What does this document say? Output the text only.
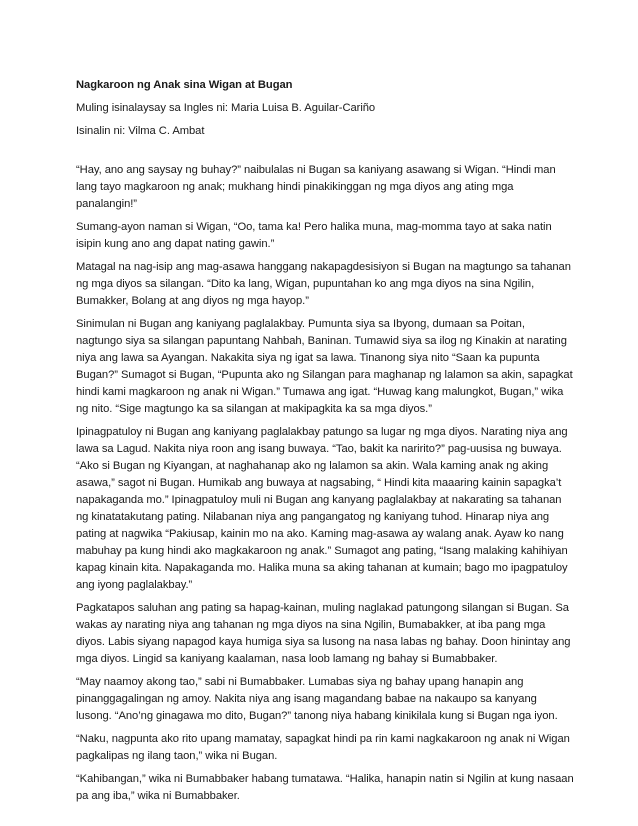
Nagkaroon ng Anak sina Wigan at Bugan

Muling isinalaysay sa Ingles ni: Maria Luisa B. Aguilar-Cariño

Isinalin ni: Vilma C. Ambat

“Hay, ano ang saysay ng buhay?” naibulalas ni Bugan sa kaniyang asawang si Wigan. “Hindi man lang tayo magkaroon ng anak; mukhang hindi pinakikinggan ng mga diyos ang ating mga panalangin!”

Sumang-ayon naman si Wigan, “Oo, tama ka! Pero halika muna, mag-momma tayo at saka natin isipin kung ano ang dapat nating gawin.”

Matagal na nag-isip ang mag-asawa hanggang nakapagdesisiyon si Bugan na magtungo sa tahanan ng mga diyos sa silangan. “Dito ka lang, Wigan, pupuntahan ko ang mga diyos na sina Ngilin, Bumakker, Bolang at ang diyos ng mga hayop.”

Sinimulan ni Bugan ang kaniyang paglalakbay. Pumunta siya sa Ibyong, dumaan sa Poitan, nagtungo siya sa silangan papuntang Nahbah, Baninan. Tumawid siya sa ilog ng Kinakin at narating niya ang lawa sa Ayangan. Nakakita siya ng igat sa lawa. Tinanong siya nito “Saan ka pupunta Bugan?” Sumagot si Bugan, “Pupunta ako ng Silangan para maghanap ng lalamon sa akin, sapagkat hindi kami magkaroon ng anak ni Wigan.” Tumawa ang igat. “Huwag kang malungkot, Bugan,” wika ng nito. “Sige magtungo ka sa silangan at makipagkita ka sa mga diyos.”

Ipinagpatuloy ni Bugan ang kaniyang paglalakbay patungo sa lugar ng mga diyos. Narating niya ang lawa sa Lagud. Nakita niya roon ang isang buwaya. “Tao, bakit ka naririto?” pag-uusisa ng buwaya. “Ako si Bugan ng Kiyangan, at naghahanap ako ng lalamon sa akin. Wala kaming anak ng aking asawa,” sagot ni Bugan. Humikab ang buwaya at nagsabing, “ Hindi kita maaaring kainin sapagka’t napakaganda mo.” Ipinagpatuloy muli ni Bugan ang kanyang paglalakbay at nakarating sa tahanan ng kinatatakutang pating. Nilabanan niya ang pangangatog ng kaniyang tuhod. Hinarap niya ang pating at nagwika “Pakiusap, kainin mo na ako. Kaming mag-asawa ay walang anak. Ayaw ko nang mabuhay pa kung hindi ako magkakaroon ng anak.” Sumagot ang pating, “Isang malaking kahihiyan kapag kinain kita. Napakaganda mo. Halika muna sa aking tahanan at kumain; bago mo ipagpatuloy ang iyong paglalakbay.”

Pagkatapos saluhan ang pating sa hapag-kainan, muling naglakad patungong silangan si Bugan. Sa wakas ay narating niya ang tahanan ng mga diyos na sina Ngilin, Bumabakker, at iba pang mga diyos. Labis siyang napagod kaya humiga siya sa lusong na nasa labas ng bahay. Doon hinintay ang mga diyos. Lingid sa kaniyang kaalaman, nasa loob lamang ng bahay si Bumabbaker.

“May naamoy akong tao,” sabi ni Bumabbaker. Lumabas siya ng bahay upang hanapin ang pinanggagalingan ng amoy. Nakita niya ang isang magandang babae na nakaupo sa kanyang lusong. “Ano’ng ginagawa mo dito, Bugan?” tanong niya habang kinikilala kung si Bugan nga iyon.

“Naku, nagpunta ako rito upang mamatay, sapagkat hindi pa rin kami nagkakaroon ng anak ni Wigan pagkalipas ng ilang taon,” wika ni Bugan.

“Kahibangan,” wika ni Bumabbaker habang tumatawa. “Halika, hanapin natin si Ngilin at kung nasaan pa ang iba,” wika ni Bumabbaker.
